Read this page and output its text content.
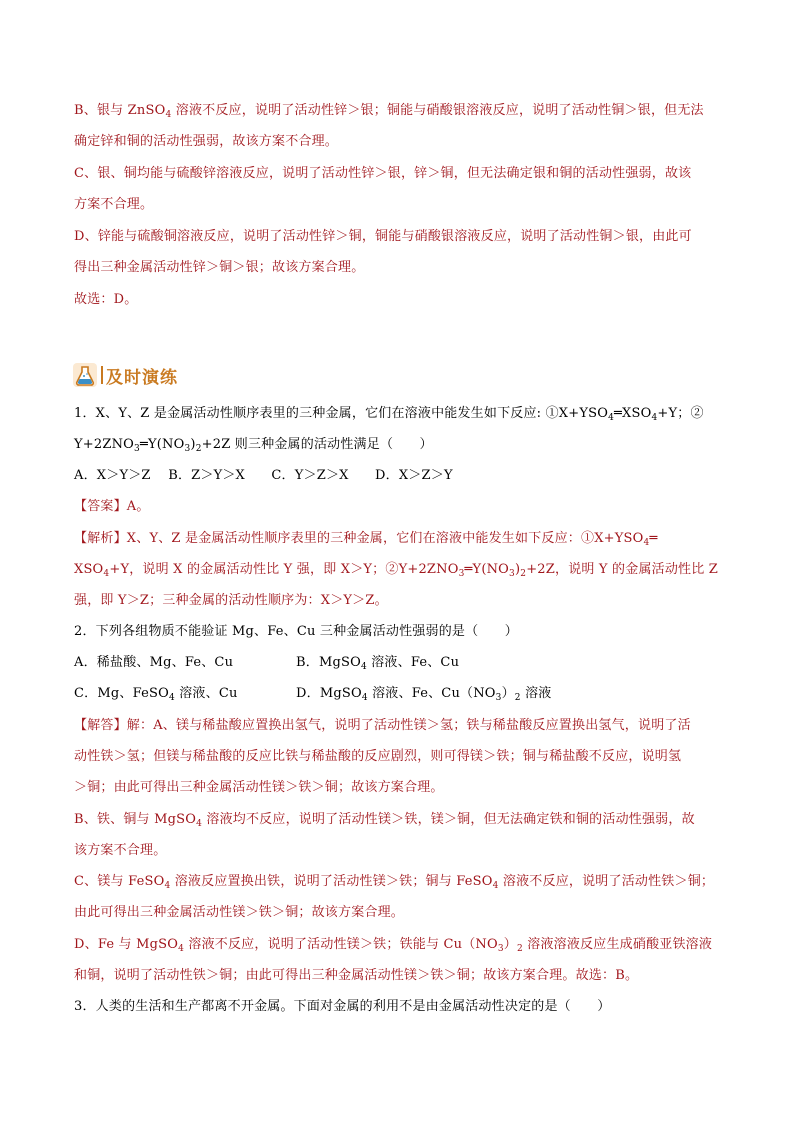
B、银与 ZnSO$_4$ 溶液不反应，说明了活动性锌＞银；铜能与硝酸银溶液反应，说明了活动性铜＞银，但无法
确定锌和铜的活动性强弱，故该方案不合理。
C、银、铜均能与硫酸锌溶液反应，说明了活动性锌＞银，锌＞铜，但无法确定银和铜的活动性强弱，故该
方案不合理。
D、锌能与硫酸铜溶液反应，说明了活动性锌＞铜，铜能与硝酸银溶液反应，说明了活动性铜＞银，由此可
得出三种金属活动性锌＞铜＞银；故该方案合理。
故选：D。
及时演练
1．X、Y、Z 是金属活动性顺序表里的三种金属，它们在溶液中能发生如下反应: $①X+YSO_4═XSO_4+Y$；②
$Y+2ZNO_3═Y(NO_3)_2+2Z$ 则三种金属的活动性满足（　　）
A．X＞Y＞Z　 B．Z＞Y＞X　　C．Y＞Z＞X　　D．X＞Z＞Y
【答案】A。
【解析】X、Y、Z 是金属活动性顺序表里的三种金属，它们在溶液中能发生如下反应：$①X+YSO_4═$
$XSO_4+Y$，说明 X 的金属活动性比 Y 强，即 X＞Y；$②Y+2ZNO_3═Y(NO_3)_2+2Z$，说明 Y 的金属活动性比 Z
强，即 Y＞Z；三种金属的活动性顺序为：X＞Y＞Z。
2．下列各组物质不能验证 Mg、Fe、Cu 三种金属活动性强弱的是（　　）
A．稀盐酸、Mg、Fe、Cu	B．MgSO$_4$ 溶液、Fe、Cu
C．Mg、FeSO$_4$ 溶液、Cu	D．MgSO$_4$ 溶液、Fe、$Cu(NO_3)_2$ 溶液
【解答】解：A、镁与稀盐酸应置换出氢气，说明了活动性镁＞氢；铁与稀盐酸反应置换出氢气，说明了活
动性铁＞氢；但镁与稀盐酸的反应比铁与稀盐酸的反应剧烈，则可得镁＞铁；铜与稀盐酸不反应，说明氢
＞铜；由此可得出三种金属活动性镁＞铁＞铜；故该方案合理。
B、铁、铜与 MgSO$_4$ 溶液均不反应，说明了活动性镁＞铁，镁＞铜，但无法确定铁和铜的活动性强弱，故
该方案不合理。
C、镁与 FeSO$_4$ 溶液反应置换出铁，说明了活动性镁＞铁；铜与 FeSO$_4$ 溶液不反应，说明了活动性铁＞铜；
由此可得出三种金属活动性镁＞铁＞铜；故该方案合理。
D、Fe 与 MgSO$_4$ 溶液不反应，说明了活动性镁＞铁；铁能与 $Cu(NO_3)_2$ 溶液溶液反应生成硝酸亚铁溶液
和铜，说明了活动性铁＞铜；由此可得出三种金属活动性镁＞铁＞铜；故该方案合理。故选：B。
3．人类的生活和生产都离不开金属。下面对金属的利用不是由金属活动性决定的是（　　）
